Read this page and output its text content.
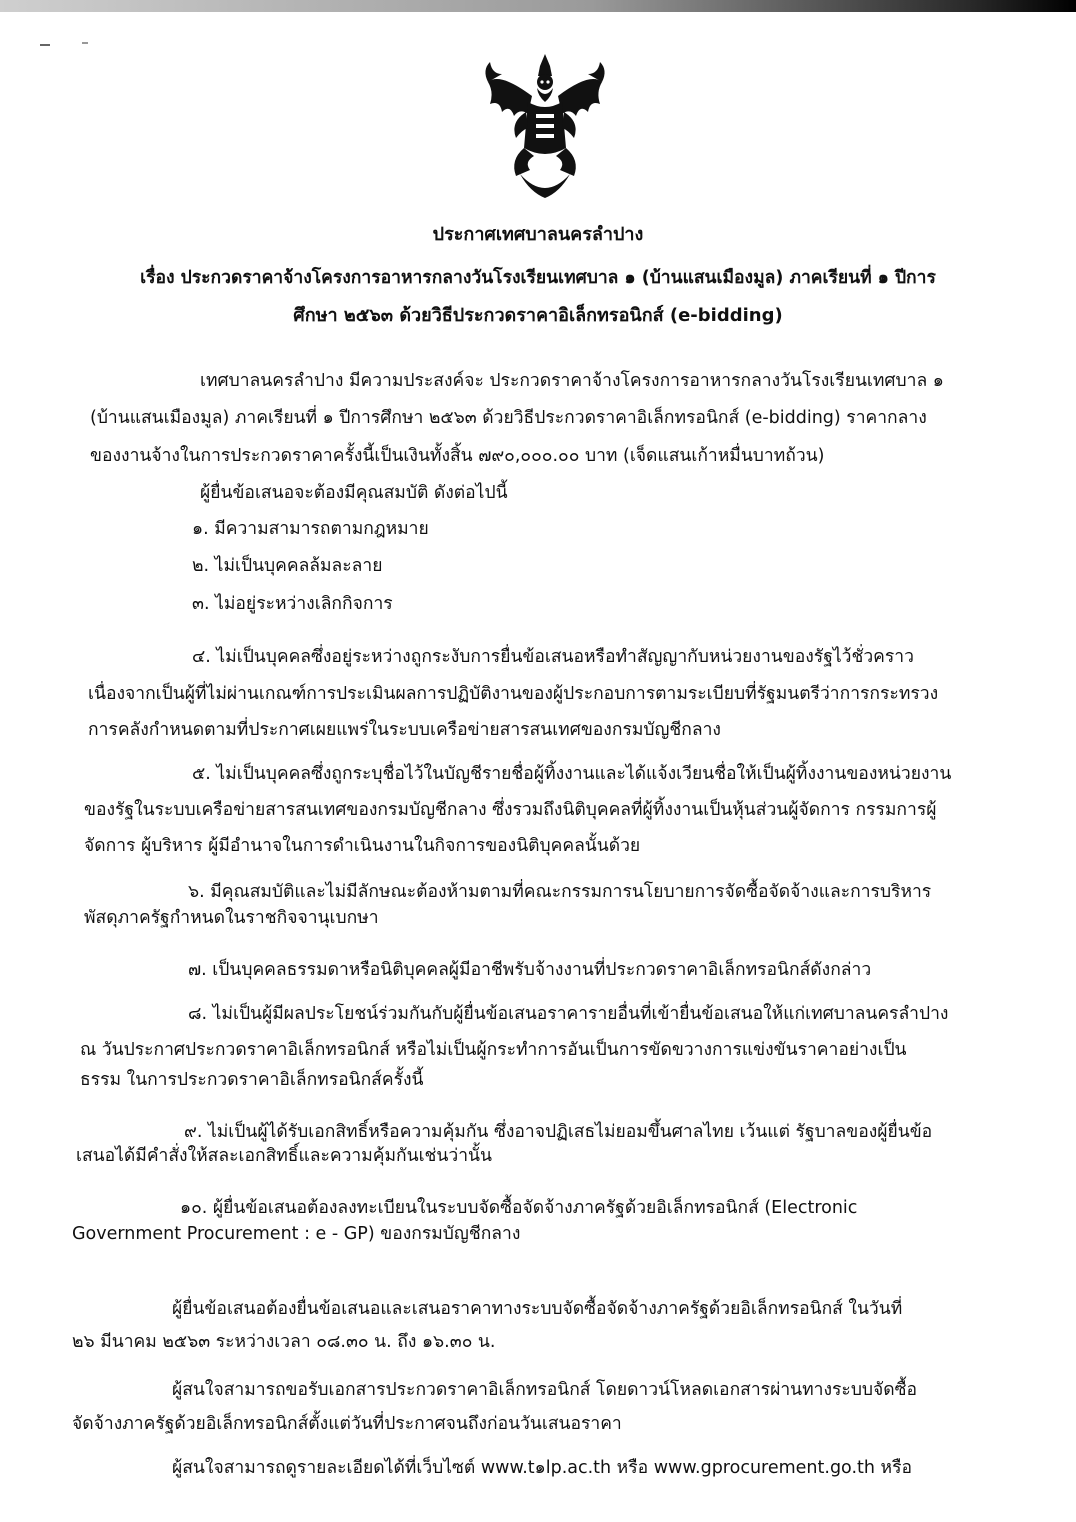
ประกาศเทศบาลนครลำปาง
เรื่อง ประกวดราคาจ้างโครงการอาหารกลางวันโรงเรียนเทศบาล ๑ (บ้านแสนเมืองมูล) ภาคเรียนที่ ๑ ปีการ
ศึกษา ๒๕๖๓ ด้วยวิธีประกวดราคาอิเล็กทรอนิกส์ (e-bidding)
เทศบาลนครลำปาง มีความประสงค์จะ ประกวดราคาจ้างโครงการอาหารกลางวันโรงเรียนเทศบาล ๑
(บ้านแสนเมืองมูล) ภาคเรียนที่ ๑ ปีการศึกษา ๒๕๖๓ ด้วยวิธีประกวดราคาอิเล็กทรอนิกส์ (e-bidding) ราคากลาง
ของงานจ้างในการประกวดราคาครั้งนี้เป็นเงินทั้งสิ้น ๗๙๐,๐๐๐.๐๐ บาท (เจ็ดแสนเก้าหมื่นบาทถ้วน)
ผู้ยื่นข้อเสนอจะต้องมีคุณสมบัติ ดังต่อไปนี้
๑. มีความสามารถตามกฎหมาย
๒. ไม่เป็นบุคคลล้มละลาย
๓. ไม่อยู่ระหว่างเลิกกิจการ
๔. ไม่เป็นบุคคลซึ่งอยู่ระหว่างถูกระงับการยื่นข้อเสนอหรือทำสัญญากับหน่วยงานของรัฐไว้ชั่วคราว
เนื่องจากเป็นผู้ที่ไม่ผ่านเกณฑ์การประเมินผลการปฏิบัติงานของผู้ประกอบการตามระเบียบที่รัฐมนตรีว่าการกระทรวง
การคลังกำหนดตามที่ประกาศเผยแพร่ในระบบเครือข่ายสารสนเทศของกรมบัญชีกลาง
๕. ไม่เป็นบุคคลซึ่งถูกระบุชื่อไว้ในบัญชีรายชื่อผู้ทิ้งงานและได้แจ้งเวียนชื่อให้เป็นผู้ทิ้งงานของหน่วยงาน
ของรัฐในระบบเครือข่ายสารสนเทศของกรมบัญชีกลาง ซึ่งรวมถึงนิติบุคคลที่ผู้ทิ้งงานเป็นหุ้นส่วนผู้จัดการ กรรมการผู้
จัดการ ผู้บริหาร ผู้มีอำนาจในการดำเนินงานในกิจการของนิติบุคคลนั้นด้วย
๖. มีคุณสมบัติและไม่มีลักษณะต้องห้ามตามที่คณะกรรมการนโยบายการจัดซื้อจัดจ้างและการบริหาร
พัสดุภาครัฐกำหนดในราชกิจจานุเบกษา
๗. เป็นบุคคลธรรมดาหรือนิติบุคคลผู้มีอาชีพรับจ้างงานที่ประกวดราคาอิเล็กทรอนิกส์ดังกล่าว
๘. ไม่เป็นผู้มีผลประโยชน์ร่วมกันกับผู้ยื่นข้อเสนอราคารายอื่นที่เข้ายื่นข้อเสนอให้แก่เทศบาลนครลำปาง
ณ วันประกาศประกวดราคาอิเล็กทรอนิกส์ หรือไม่เป็นผู้กระทำการอันเป็นการขัดขวางการแข่งขันราคาอย่างเป็น
ธรรม ในการประกวดราคาอิเล็กทรอนิกส์ครั้งนี้
๙. ไม่เป็นผู้ได้รับเอกสิทธิ์หรือความคุ้มกัน ซึ่งอาจปฏิเสธไม่ยอมขึ้นศาลไทย เว้นแต่ รัฐบาลของผู้ยื่นข้อ
เสนอได้มีคำสั่งให้สละเอกสิทธิ์และความคุ้มกันเช่นว่านั้น
๑๐. ผู้ยื่นข้อเสนอต้องลงทะเบียนในระบบจัดซื้อจัดจ้างภาครัฐด้วยอิเล็กทรอนิกส์ (Electronic
Government Procurement : e - GP) ของกรมบัญชีกลาง
ผู้ยื่นข้อเสนอต้องยื่นข้อเสนอและเสนอราคาทางระบบจัดซื้อจัดจ้างภาครัฐด้วยอิเล็กทรอนิกส์ ในวันที่
๒๖ มีนาคม ๒๕๖๓ ระหว่างเวลา ๐๘.๓๐ น. ถึง ๑๖.๓๐ น.
ผู้สนใจสามารถขอรับเอกสารประกวดราคาอิเล็กทรอนิกส์ โดยดาวน์โหลดเอกสารผ่านทางระบบจัดซื้อ
จัดจ้างภาครัฐด้วยอิเล็กทรอนิกส์ตั้งแต่วันที่ประกาศจนถึงก่อนวันเสนอราคา
ผู้สนใจสามารถดูรายละเอียดได้ที่เว็บไซต์ www.t๑lp.ac.th หรือ www.gprocurement.go.th หรือ
